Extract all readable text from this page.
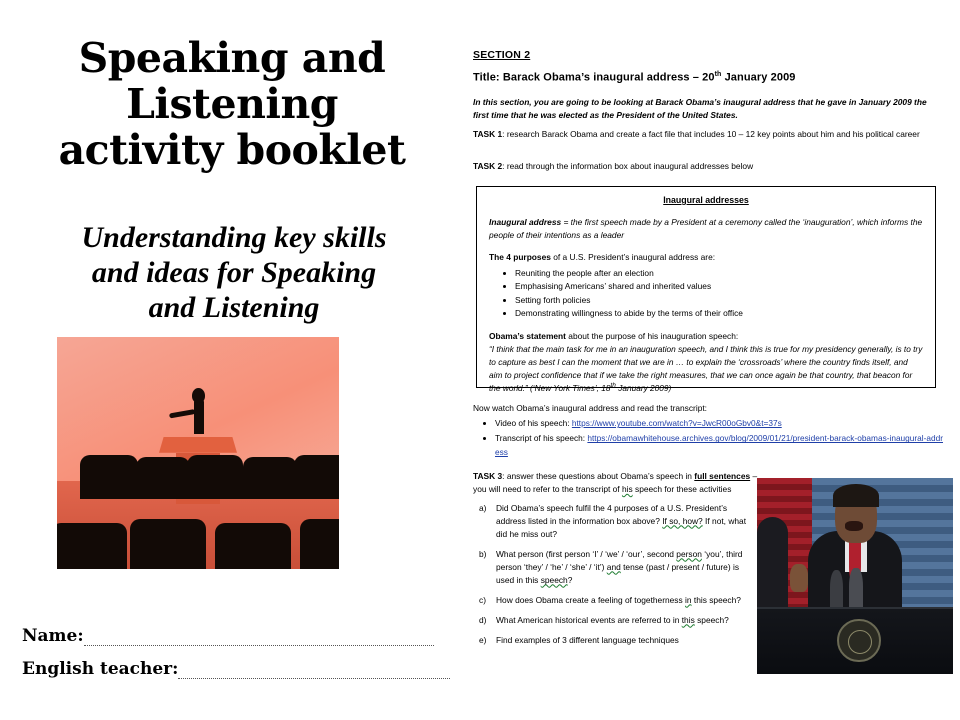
Speaking and
Listening
activity booklet
Understanding key skills
and ideas for Speaking
and Listening
Name:
English teacher:
SECTION 2
Title: Barack Obama’s inaugural address – 20th January 2009
In this section, you are going to be looking at Barack Obama’s inaugural address that he gave in January 2009 the first time that he was elected as the President of the United States.
TASK 1: research Barack Obama and create a fact file that includes 10 – 12 key points about him and his political career
TASK 2: read through the information box about inaugural addresses below
Inaugural addresses
Inaugural address = the first speech made by a President at a ceremony called the ‘inauguration’, which informs the people of their intentions as a leader
The 4 purposes of a U.S. President’s inaugural address are:
• Reuniting the people after an election
• Emphasising Americans’ shared and inherited values
• Setting forth policies
• Demonstrating willingness to abide by the terms of their office
Obama’s statement about the purpose of his inauguration speech:
“I think that the main task for me in an inauguration speech, and I think this is true for my presidency generally, is to try to capture as best I can the moment that we are in … to explain the ‘crossroads’ where the country finds itself, and aim to project confidence that if we take the right measures, that we can once again be that country, that beacon for the world.” (‘New York Times’, 18th January 2009)
Now watch Obama’s inaugural address and read the transcript:
• Video of his speech: https://www.youtube.com/watch?v=JwcR00oGbv0&t=37s
• Transcript of his speech: https://obamawhitehouse.archives.gov/blog/2009/01/21/president-barack-obamas-inaugural-address
TASK 3: answer these questions about Obama’s speech in full sentences – you will need to refer to the transcript of his speech for these activities
a) Did Obama’s speech fulfil the 4 purposes of a U.S. President’s address listed in the information box above? If so, how? If not, what did he miss out?
b) What person (first person ‘I’ / ‘we’ / ‘our’, second person ‘you’, third person ‘they’ / ‘he’ / ‘she’ / ‘it’) and tense (past / present / future) is used in this speech?
c) How does Obama create a feeling of togetherness in this speech?
d) What American historical events are referred to in this speech?
e) Find examples of 3 different language techniques
